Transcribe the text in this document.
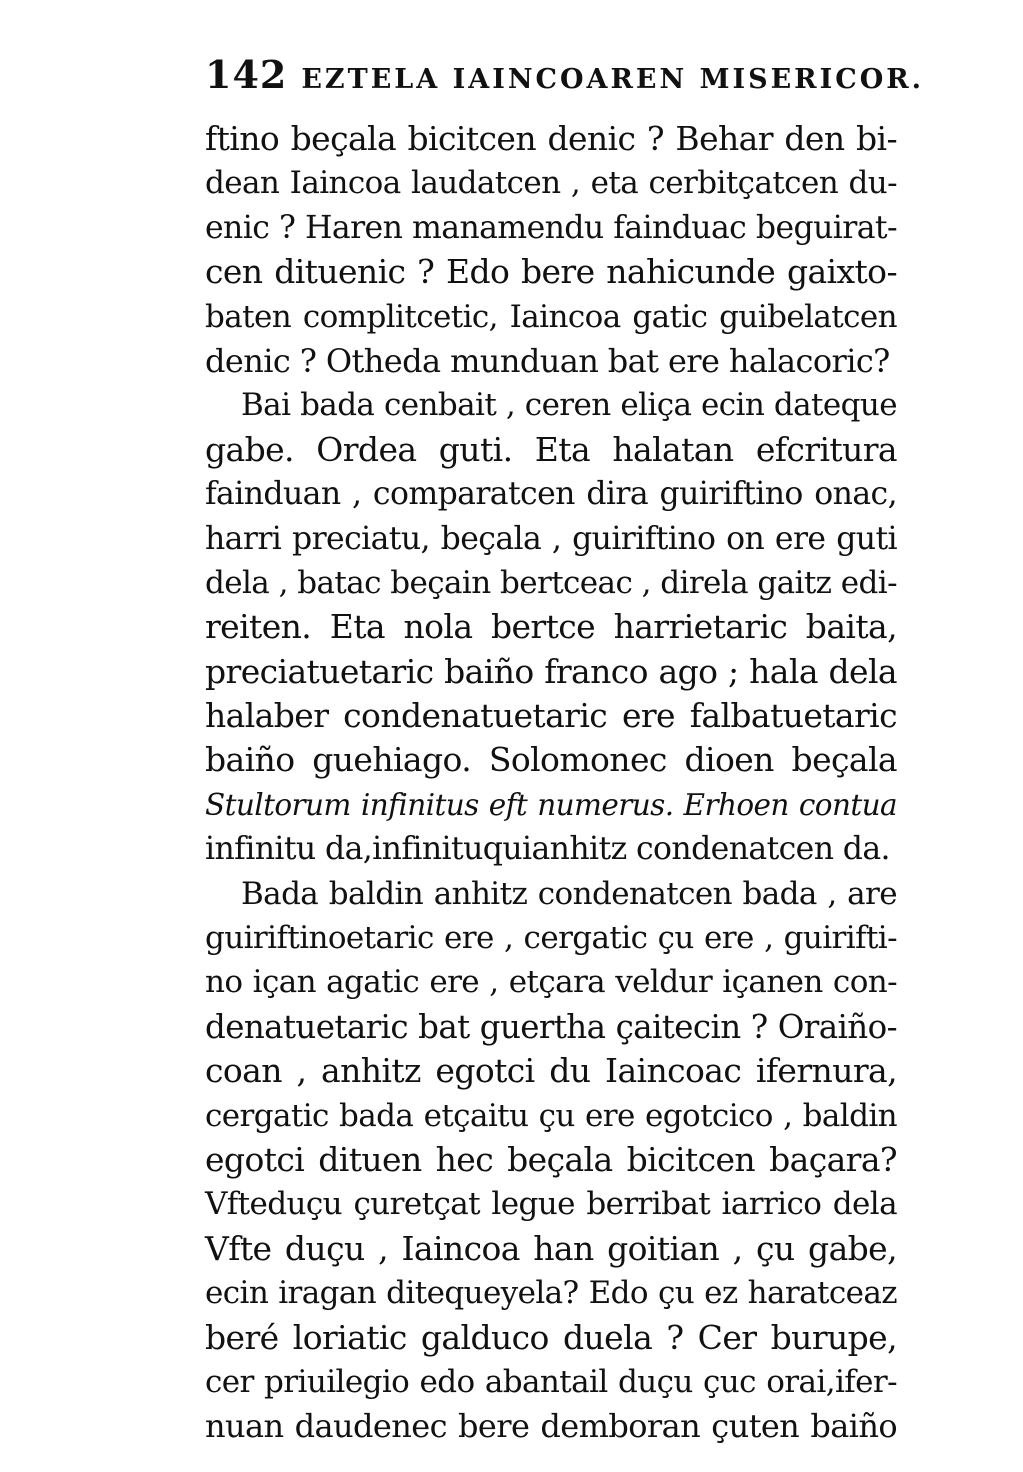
142 EZTELA IAINCOAREN MISERICOR.
ftino beçala bicitcen denic ? Behar den bi-
dean Iaincoa laudatcen , eta cerbitçatcen du-
enic ? Haren manamendu fainduac beguirat-
cen dituenic ? Edo bere nahicunde gaixto-
baten complitcetic, Iaincoa gatic guibelatcen
denic ? Otheda munduan bat ere halacoric?
Bai bada cenbait , ceren eliça ecin dateque
gabe. Ordea guti. Eta halatan efcritura
fainduan , comparatcen dira guiriftino onac,
harri preciatu, beçala , guiriftino on ere guti
dela , batac beçain bertceac , direla gaitz edi-
reiten. Eta nola bertce harrietaric baita,
preciatuetaric baiño franco ago ; hala dela
halaber condenatuetaric ere falbatuetaric
baiño guehiago. Solomonec dioen beçala
Stultorum infinitus eft numerus. Erhoen contua
infinitu da,infinituquianhitz condenatcen da.
Bada baldin anhitz condenatcen bada , are
guiriftinoetaric ere , cergatic çu ere , guirifti-
no içan agatic ere , etçara veldur içanen con-
denatuetaric bat guertha çaitecin ? Oraiño-
coan , anhitz egotci du Iaincoac ifernura,
cergatic bada etçaitu çu ere egotcico , baldin
egotci dituen hec beçala bicitcen baçara?
Vfteduçu çuretçat legue berribat iarrico dela
Vfte duçu , Iaincoa han goitian , çu gabe,
ecin iragan ditequeyela? Edo çu ez haratceaz
beré loriatic galduco duela ? Cer burupe,
cer priuilegio edo abantail duçu çuc orai,ifer-
nuan daudenec bere demboran çuten baiño
